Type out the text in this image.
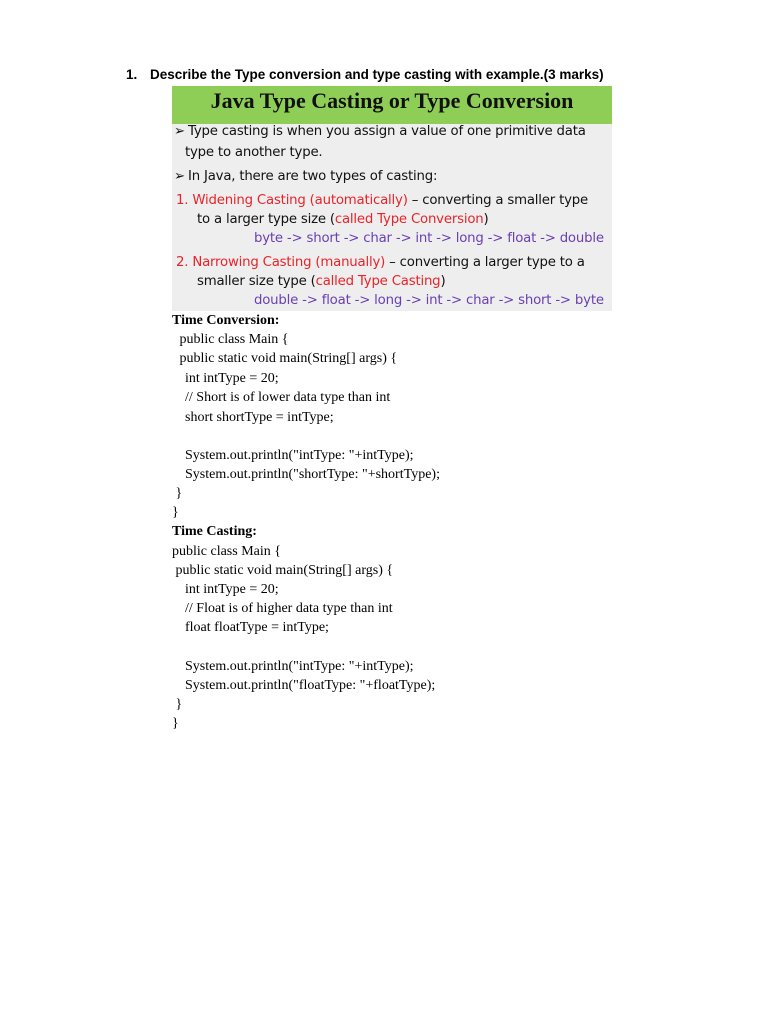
1. Describe the Type conversion and type casting with example.(3 marks)
Java Type Casting or Type Conversion
➢ Type casting is when you assign a value of one primitive data
type to another type.
➢ In Java, there are two types of casting:
1. Widening Casting (automatically) – converting a smaller type
to a larger type size (called Type Conversion)
byte -> short -> char -> int -> long -> float -> double
2. Narrowing Casting (manually) – converting a larger type to a
smaller size type (called Type Casting)
double -> float -> long -> int -> char -> short -> byte
Time Conversion:
public class Main {
public static void main(String[] args) {
int intType = 20;
// Short is of lower data type than int
short shortType = intType;
System.out.println("intType: "+intType);
System.out.println("shortType: "+shortType);
}
}
Time Casting:
public class Main {
public static void main(String[] args) {
int intType = 20;
// Float is of higher data type than int
float floatType = intType;
System.out.println("intType: "+intType);
System.out.println("floatType: "+floatType);
}
}
